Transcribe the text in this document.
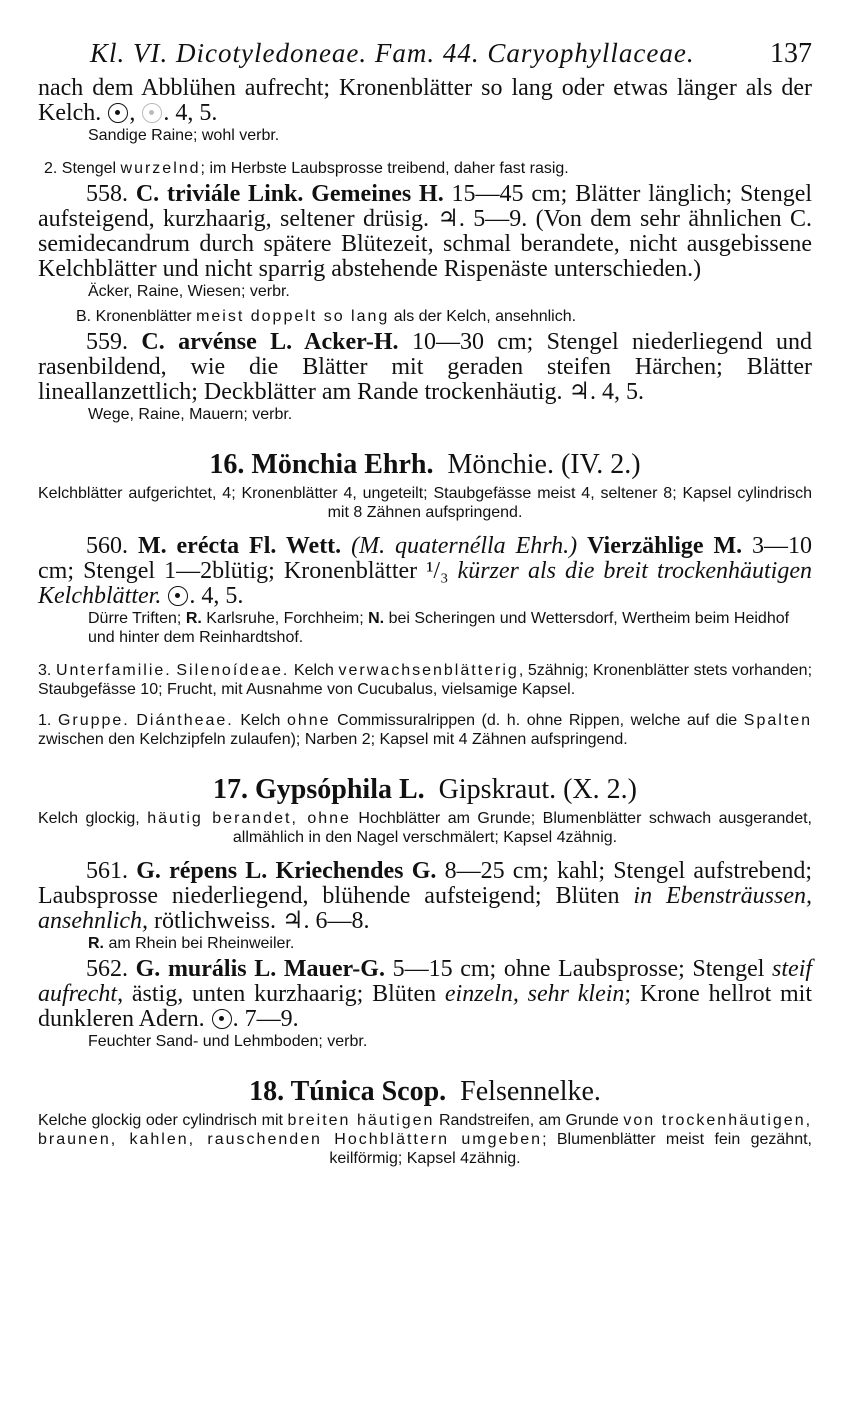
Kl. VI. Dicotyledoneae. Fam. 44. Caryophyllaceae.	137

nach dem Abblühen aufrecht; Kronenblätter so lang oder etwas länger als der Kelch. , . 4, 5.

Sandige Raine; wohl verbr.

2. Stengel wurzelnd; im Herbste Laubsprosse treibend, daher fast rasig.

558. C. triviále Link. Gemeines H. 15—45 cm; Blätter länglich; Stengel aufsteigend, kurzhaarig, seltener drüsig. ♃. 5—9. (Von dem sehr ähnlichen C. semidecandrum durch spätere Blütezeit, schmal berandete, nicht ausgebissene Kelchblätter und nicht sparrig abstehende Rispenäste unterschieden.)

Äcker, Raine, Wiesen; verbr.

B. Kronenblätter meist doppelt so lang als der Kelch, ansehnlich.

559. C. arvénse L. Acker-H. 10—30 cm; Stengel niederliegend und rasenbildend, wie die Blätter mit geraden steifen Härchen; Blätter lineallanzettlich; Deckblätter am Rande trockenhäutig. ♃. 4, 5.

Wege, Raine, Mauern; verbr.

16. Mönchia Ehrh. Mönchie. (IV. 2.)

Kelchblätter aufgerichtet, 4; Kronenblätter 4, ungeteilt; Staubgefässe meist 4, seltener 8; Kapsel cylindrisch mit 8 Zähnen aufspringend.

560. M. erécta Fl. Wett. (M. quaternélla Ehrh.) Vierzählige M. 3—10 cm; Stengel 1—2blütig; Kronenblätter ¹/₃ kürzer als die breit trockenhäutigen Kelchblätter. . 4, 5.

Dürre Triften; R. Karlsruhe, Forchheim; N. bei Scheringen und Wettersdorf, Wertheim beim Heidhof und hinter dem Reinhardtshof.

3. Unterfamilie. Silenoídeae. Kelch verwachsenblätterig, 5zähnig; Kronenblätter stets vorhanden; Staubgefässe 10; Frucht, mit Ausnahme von Cucubalus, vielsamige Kapsel.

1. Gruppe. Diántheae. Kelch ohne Commissuralrippen (d. h. ohne Rippen, welche auf die Spalten zwischen den Kelchzipfeln zulaufen); Narben 2; Kapsel mit 4 Zähnen aufspringend.

17. Gypsóphila L. Gipskraut. (X. 2.)

Kelch glockig, häutig berandet, ohne Hochblätter am Grunde; Blumenblätter schwach ausgerandet, allmählich in den Nagel verschmälert; Kapsel 4zähnig.

561. G. répens L. Kriechendes G. 8—25 cm; kahl; Stengel aufstrebend; Laubsprosse niederliegend, blühende aufsteigend; Blüten in Ebensträussen, ansehnlich, rötlichweiss. ♃. 6—8.

R. am Rhein bei Rheinweiler.

562. G. murális L. Mauer-G. 5—15 cm; ohne Laubsprosse; Stengel steif aufrecht, ästig, unten kurzhaarig; Blüten einzeln, sehr klein; Krone hellrot mit dunkleren Adern. . 7—9.

Feuchter Sand- und Lehmboden; verbr.

18. Túnica Scop. Felsennelke.

Kelche glockig oder cylindrisch mit breiten häutigen Randstreifen, am Grunde von trockenhäutigen, braunen, kahlen, rauschenden Hochblättern umgeben; Blumenblätter meist fein gezähnt, keilförmig; Kapsel 4zähnig.
